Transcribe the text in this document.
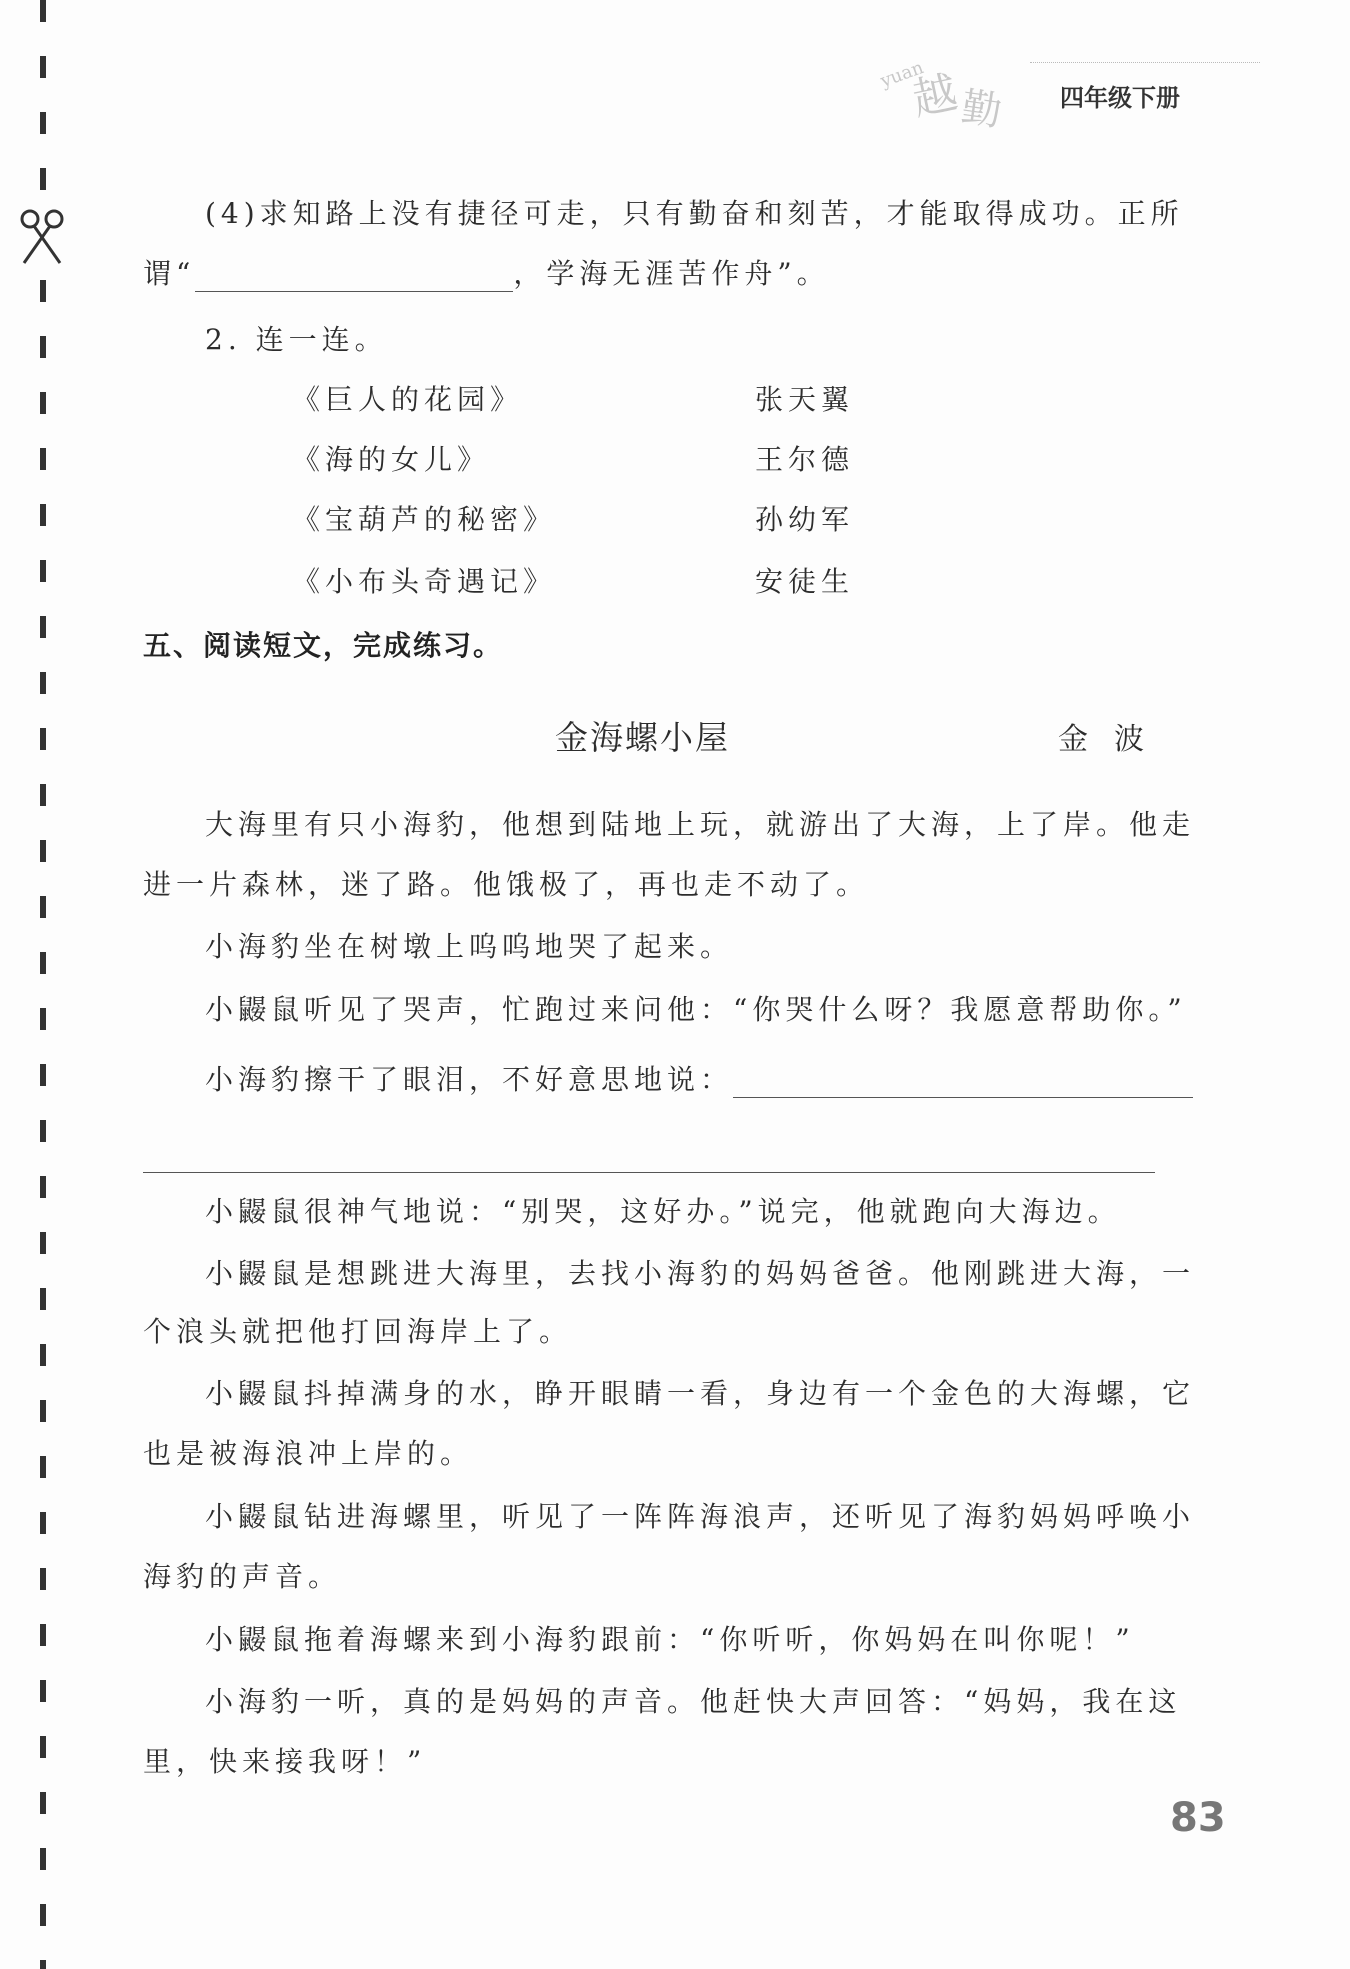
yuan
越
勤 四年级下册
(4)求知路上没有捷径可走，只有勤奋和刻苦，才能取得成功。正所
谓“	，学海无涯苦作舟”。
2. 连一连。
《巨人的花园》
《海的女儿》
《宝葫芦的秘密》
《小布头奇遇记》
张天翼
王尔德
孙幼军
安徒生
五、阅读短文，完成练习。
金海螺小屋	金波
大海里有只小海豹，他想到陆地上玩，就游出了大海，上了岸。他走
进一片森林，迷了路。他饿极了，再也走不动了。
小海豹坐在树墩上呜呜地哭了起来。
小鼹鼠听见了哭声，忙跑过来问他：“你哭什么呀？我愿意帮助你。”
小海豹擦干了眼泪，不好意思地说：
小鼹鼠很神气地说：“别哭，这好办。”说完，他就跑向大海边。
小鼹鼠是想跳进大海里，去找小海豹的妈妈爸爸。他刚跳进大海，一
个浪头就把他打回海岸上了。
小鼹鼠抖掉满身的水，睁开眼睛一看，身边有一个金色的大海螺，它
也是被海浪冲上岸的。
小鼹鼠钻进海螺里，听见了一阵阵海浪声，还听见了海豹妈妈呼唤小
海豹的声音。
小鼹鼠拖着海螺来到小海豹跟前：“你听听，你妈妈在叫你呢！”
小海豹一听，真的是妈妈的声音。他赶快大声回答：“妈妈，我在这
里，快来接我呀！”
83
